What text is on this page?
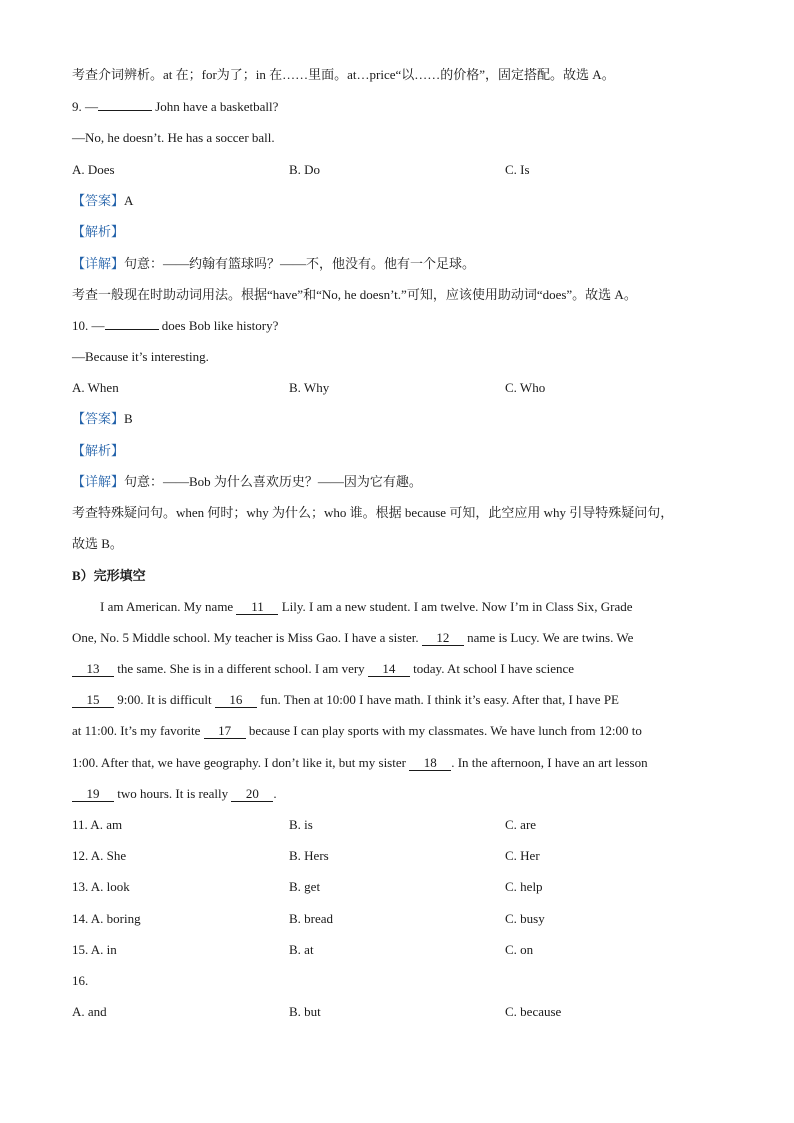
考查介词辨析。at 在；for为了；in 在……里面。at…price“以……的价格”，固定搭配。故选 A。
9. —	John have a basketball?
—No, he doesn’t. He has a soccer ball.
A. Does	B. Do	C. Is
【答案】A
【解析】
【详解】句意：——约翰有篮球吗？——不，他没有。他有一个足球。
考查一般现在时助动词用法。根据“have”和“No, he doesn’t.”可知，应该使用助动词“does”。故选 A。
10. —	does Bob like history?
—Because it’s interesting.
A. When	B. Why	C. Who
【答案】B
【解析】
【详解】句意：——Bob 为什么喜欢历史？——因为它有趣。
考查特殊疑问句。when 何时；why 为什么；who 谁。根据 because 可知，此空应用 why 引导特殊疑问句，
故选 B。
B）完形填空
I am American. My name 11 Lily. I am a new student. I am twelve. Now I’m in Class Six, Grade
One, No. 5 Middle school. My teacher is Miss Gao. I have a sister. 12 name is Lucy. We are twins. We
13 the same. She is in a different school. I am very 14 today. At school I have science
15 9:00. It is difficult 16 fun. Then at 10:00 I have math. I think it’s easy. After that, I have PE
at 11:00. It’s my favorite 17 because I can play sports with my classmates. We have lunch from 12:00 to
1:00. After that, we have geography. I don’t like it, but my sister 18 . In the afternoon, I have an art lesson
19 two hours. It is really 20 .
11. A. am	B. is	C. are
12. A. She	B. Hers	C. Her
13. A. look	B. get	C. help
14. A. boring	B. bread	C. busy
15. A. in	B. at	C. on
16.
A. and	B. but	C. because
